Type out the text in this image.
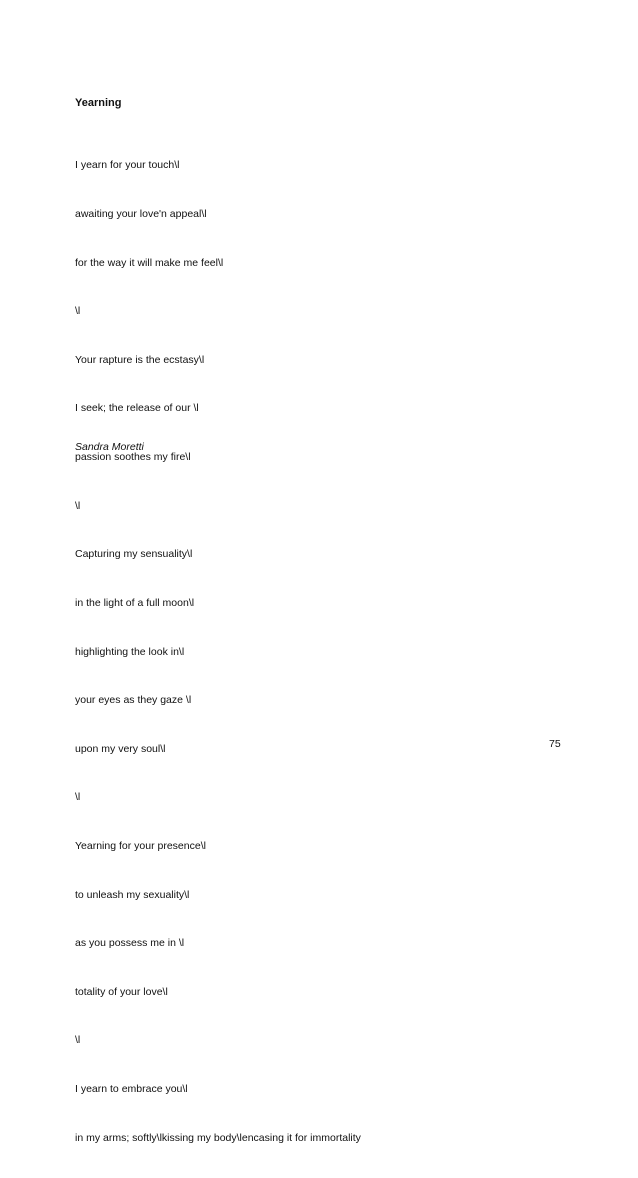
Yearning

I yearn for your touch\l

awaiting your love'n appeal\l

for the way it will make me feel\l

\l

Your rapture is the ecstasy\l

I seek; the release of our \l

passion soothes my fire\l

\l

Capturing my sensuality\l

in the light of a full moon\l

highlighting the look in\l

your eyes as they gaze \l

upon my very soul\l

\l

Yearning for your presence\l

to unleash my sexuality\l

as you possess me in \l

totality of your love\l

\l

I yearn to embrace you\l

in my arms; softly\lkissing my body\lencasing it for immortality

Sandra Moretti
75
